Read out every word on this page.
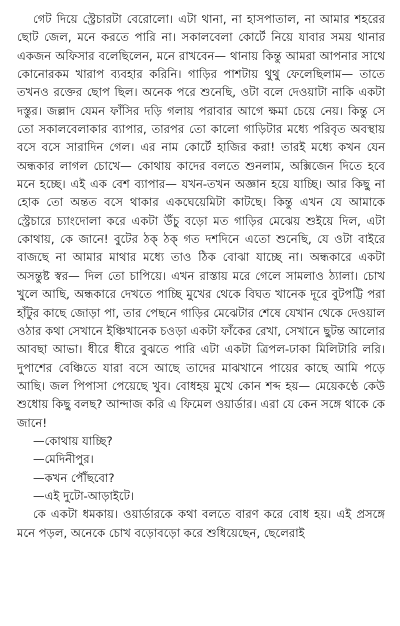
গেট দিয়ে স্ট্রেচারটা বেরোলো। এটা থানা, না হাসপাতাল, না আমার শহরের ছোট জেল, মনে করতে পারি না। সকালবেলা কোর্টে নিয়ে যাবার সময় থানার একজন অফিসার বলেছিলেন, মনে রাখবেন— থানায় কিন্তু আমরা আপনার সাথে কোনোরকম খারাপ ব্যবহার করিনি। গাড়ির পাশটায় থুথু ফেলেছিলাম— তাতে তখনও রক্তের ছোপ ছিল। অনেক পরে শুনেছি, ওটা বলে দেওয়াটা নাকি একটা দস্তুর। জল্লাদ যেমন ফাঁসির দড়ি গলায় পরাবার আগে ক্ষমা চেয়ে নেয়। কিন্তু সে তো সকালবেলাকার ব্যাপার, তারপর তো কালো গাড়িটার মধ্যে পরিবৃত অবস্থায় বসে বসে সারাদিন গেল। এর নাম কোর্টে হাজির করা! তারই মধ্যে কখন যেন অন্ধকার লাগল চোখে— কোথায় কাদের বলতে শুনলাম, অক্সিজেন দিতে হবে মনে হচ্ছে। এই এক বেশ ব্যাপার— যখন-তখন অজ্ঞান হয়ে যাচ্ছি। আর কিছু না হোক তো অন্তত বসে থাকার একঘেয়েমিটা কাটছে। কিন্তু এখন যে আমাকে স্ট্রেচারে চ্যাংদোলা করে একটা উঁচু বড়ো মত গাড়ির মেঝেয় শুইয়ে দিল, এটা কোথায়, কে জানে! বুটের ঠক্ ঠক্ গত দশদিনে এতো শুনেছি, যে ওটা বাইরে বাজছে না আমার মাথার মধ্যে তাও ঠিক বোঝা যাচ্ছে না। অন্ধকারে একটা অসন্তুষ্ট স্বর— দিল তো চাপিয়ে। এখন রাস্তায় মরে গেলে সামলাও ঠ্যালা। চোখ খুলে আছি, অন্ধকারে দেখতে পাচ্ছি মুখের থেকে বিঘত খানেক দূরে বুটপট্টি পরা হাঁটুর কাছে জোড়া পা, তার পেছনে গাড়ির মেঝেটার শেষে যেখান থেকে দেওয়াল ওঠার কথা সেখানে ইঞ্চিখানেক চওড়া একটা ফাঁকের রেখা, সেখানে ছুটন্ত আলোর আবছা আভা। ধীরে ধীরে বুঝতে পারি এটা একটা ত্রিপল-ঢাকা মিলিটারি লরি। দুপাশের বেঞ্চিতে যারা বসে আছে তাদের মাঝখানে পায়ের কাছে আমি পড়ে আছি। জল পিপাসা পেয়েছে খুব। বোধহয় মুখে কোন শব্দ হয়— মেয়েকণ্ঠে কেউ শুধোয় কিছু বলছ? আন্দাজ করি এ ফিমেল ওয়ার্ডার। এরা যে কেন সঙ্গে থাকে কে জানে!

—কোথায় যাচ্ছি?
—মেদিনীপুর।
—কখন পৌঁছবো?
—এই দুটো-আড়াইটে।

কে একটা ধমকায়। ওয়ার্ডারকে কথা বলতে বারণ করে বোধ হয়। এই প্রসঙ্গে মনে পড়ল, অনেকে চোখ বড়োবড়ো করে শুধিয়েছেন, ছেলেরাই
